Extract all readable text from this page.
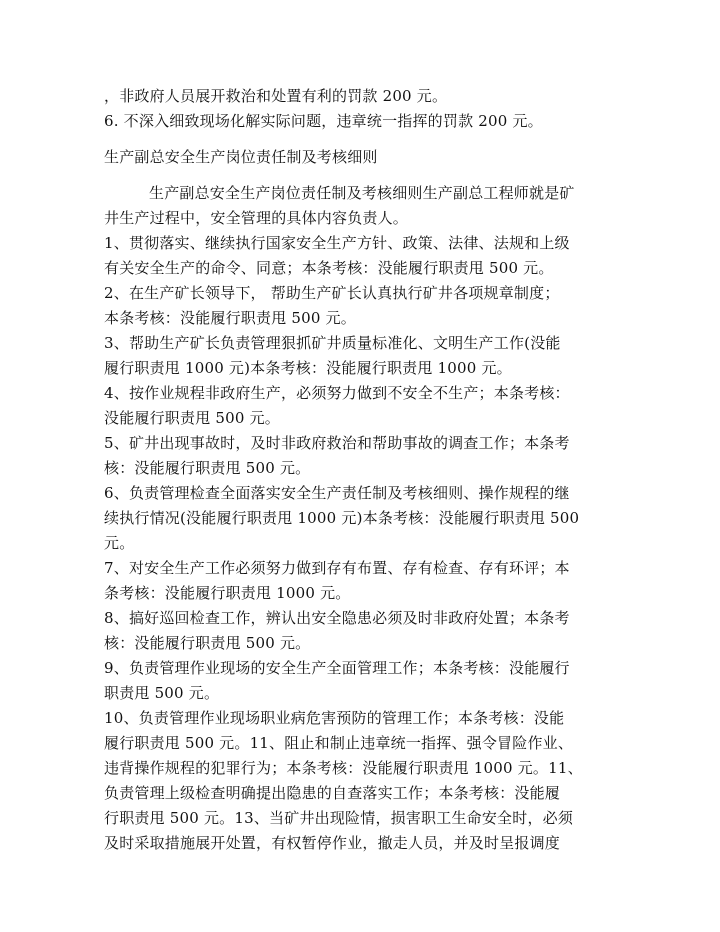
，非政府人员展开救治和处置有利的罚款 200 元。
6. 不深入细致现场化解实际问题，违章统一指挥的罚款 200 元。
生产副总安全生产岗位责任制及考核细则
生产副总安全生产岗位责任制及考核细则生产副总工程师就是矿
井生产过程中，安全管理的具体内容负责人。
1、贯彻落实、继续执行国家安全生产方针、政策、法律、法规和上级
有关安全生产的命令、同意；本条考核：没能履行职责甩 500 元。
2、在生产矿长领导下， 帮助生产矿长认真执行矿井各项规章制度；
本条考核：没能履行职责甩 500 元。
3、帮助生产矿长负责管理狠抓矿井质量标准化、文明生产工作(没能
履行职责甩 1000 元)本条考核：没能履行职责甩 1000 元。
4、按作业规程非政府生产，必须努力做到不安全不生产；本条考核：
没能履行职责甩 500 元。
5、矿井出现事故时，及时非政府救治和帮助事故的调查工作；本条考
核：没能履行职责甩 500 元。
6、负责管理检查全面落实安全生产责任制及考核细则、操作规程的继
续执行情况(没能履行职责甩 1000 元)本条考核：没能履行职责甩 500
元。
7、对安全生产工作必须努力做到存有布置、存有检查、存有环评；本
条考核：没能履行职责甩 1000 元。
8、搞好巡回检查工作，辨认出安全隐患必须及时非政府处置；本条考
核：没能履行职责甩 500 元。
9、负责管理作业现场的安全生产全面管理工作；本条考核：没能履行
职责甩 500 元。
10、负责管理作业现场职业病危害预防的管理工作；本条考核：没能
履行职责甩 500 元。11、阻止和制止违章统一指挥、强令冒险作业、
违背操作规程的犯罪行为；本条考核：没能履行职责甩 1000 元。11、
负责管理上级检查明确提出隐患的自查落实工作；本条考核：没能履
行职责甩 500 元。13、当矿井出现险情，损害职工生命安全时，必须
及时采取措施展开处置，有权暂停作业，撤走人员，并及时呈报调度
